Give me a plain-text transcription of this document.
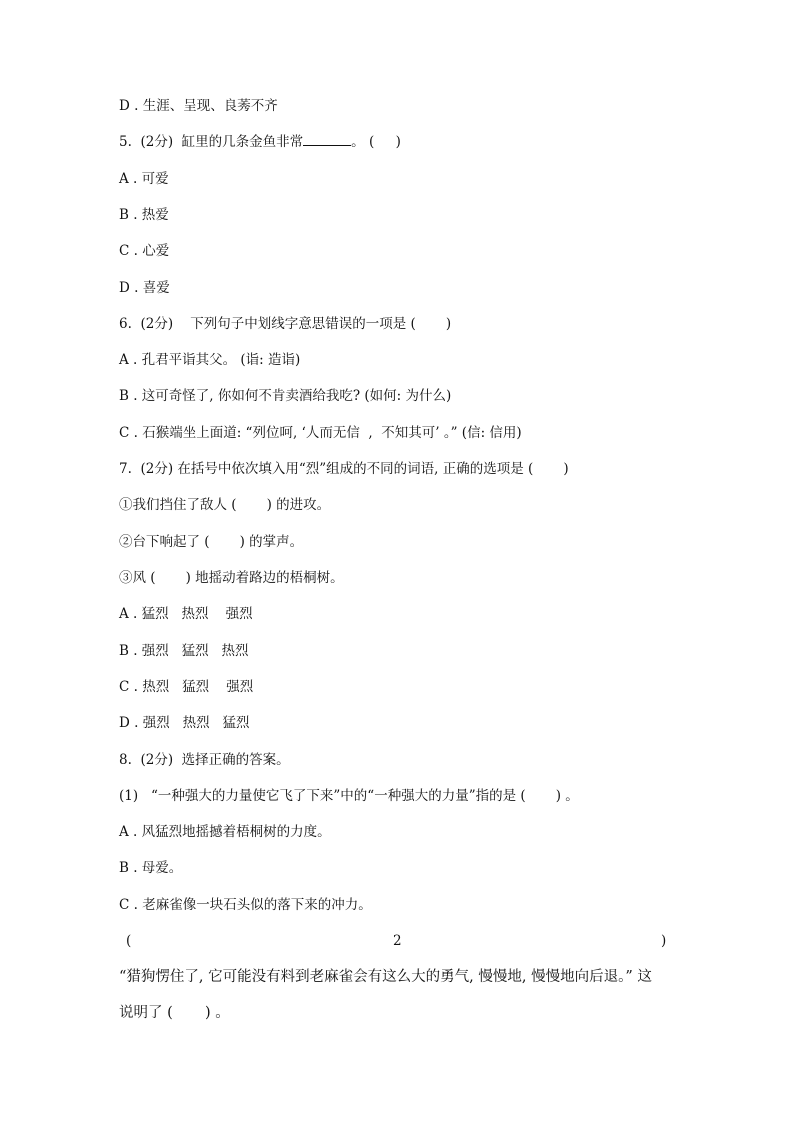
D . 生涯、呈现、良莠不齐
5.  (2分)  缸里的几条金鱼非常	。 (     )
A . 可爱
B . 热爱
C . 心爱
D . 喜爱
6.  (2分)    下列句子中划线字意思错误的一项是 (       )
A . 孔君平诣其父。 (诣: 造诣)
B . 这可奇怪了, 你如何不肯卖酒给我吃? (如何: 为什么)
C . 石猴端坐上面道: “列位呵, ‘人而无信  ,  不知其可’ 。” (信: 信用)
7.  (2分) 在括号中依次填入用“烈”组成的不同的词语, 正确的选项是 (       )
①我们挡住了敌人 (       ) 的进攻。
②台下响起了 (       ) 的掌声。
③风 (       ) 地摇动着路边的梧桐树。
A . 猛烈   热烈    强烈
B . 强烈   猛烈   热烈
C . 热烈   猛烈    强烈
D . 强烈   热烈   猛烈
8.  (2分)  选择正确的答案。
(1)   “一种强大的力量使它飞了下来”中的“一种强大的力量”指的是 (       ) 。
A . 风猛烈地摇撼着梧桐树的力度。
B . 母爱。
C . 老麻雀像一块石头似的落下来的冲力。
(	2	)
“猎狗愣住了, 它可能没有料到老麻雀会有这么大的勇气, 慢慢地, 慢慢地向后退。” 这
说明了 (       ) 。
